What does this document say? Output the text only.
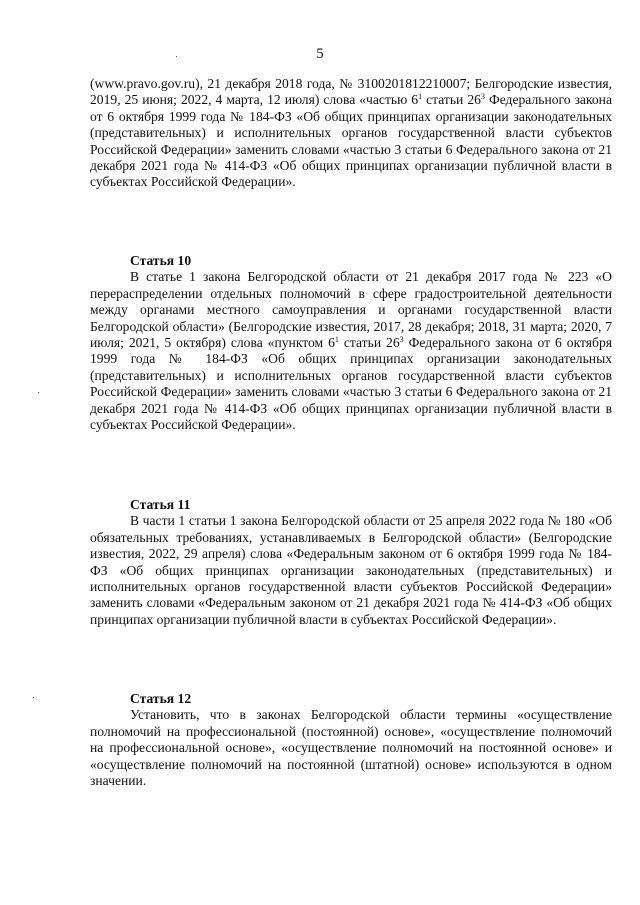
5

(www.pravo.gov.ru), 21 декабря 2018 года, № 3100201812210007; Белгородские известия, 2019, 25 июня; 2022, 4 марта, 12 июля) слова «частью $6^1$ статьи $26^3$ Федерального закона от 6 октября 1999 года № 184-ФЗ «Об общих принципах организации законодательных (представительных) и исполнительных органов государственной власти субъектов Российской Федерации» заменить словами «частью 3 статьи 6 Федерального закона от 21 декабря 2021 года № 414-ФЗ «Об общих принципах организации публичной власти в субъектах Российской Федерации».

Статья 10

В статье 1 закона Белгородской области от 21 декабря 2017 года № 223 «О перераспределении отдельных полномочий в сфере градостроительной деятельности между органами местного самоуправления и органами государственной власти Белгородской области» (Белгородские известия, 2017, 28 декабря; 2018, 31 марта; 2020, 7 июля; 2021, 5 октября) слова «пунктом $6^1$ статьи $26^3$ Федерального закона от 6 октября 1999 года № 184-ФЗ «Об общих принципах организации законодательных (представительных) и исполнительных органов государственной власти субъектов Российской Федерации» заменить словами «частью 3 статьи 6 Федерального закона от 21 декабря 2021 года № 414-ФЗ «Об общих принципах организации публичной власти в субъектах Российской Федерации».

Статья 11

В части 1 статьи 1 закона Белгородской области от 25 апреля 2022 года № 180 «Об обязательных требованиях, устанавливаемых в Белгородской области» (Белгородские известия, 2022, 29 апреля) слова «Федеральным законом от 6 октября 1999 года № 184-ФЗ «Об общих принципах организации законодательных (представительных) и исполнительных органов государственной власти субъектов Российской Федерации» заменить словами «Федеральным законом от 21 декабря 2021 года № 414-ФЗ «Об общих принципах организации публичной власти в субъектах Российской Федерации».

Статья 12

Установить, что в законах Белгородской области термины «осуществление полномочий на профессиональной (постоянной) основе», «осуществление полномочий на профессиональной основе», «осуществление полномочий на постоянной основе» и «осуществление полномочий на постоянной (штатной) основе» используются в одном значении.
